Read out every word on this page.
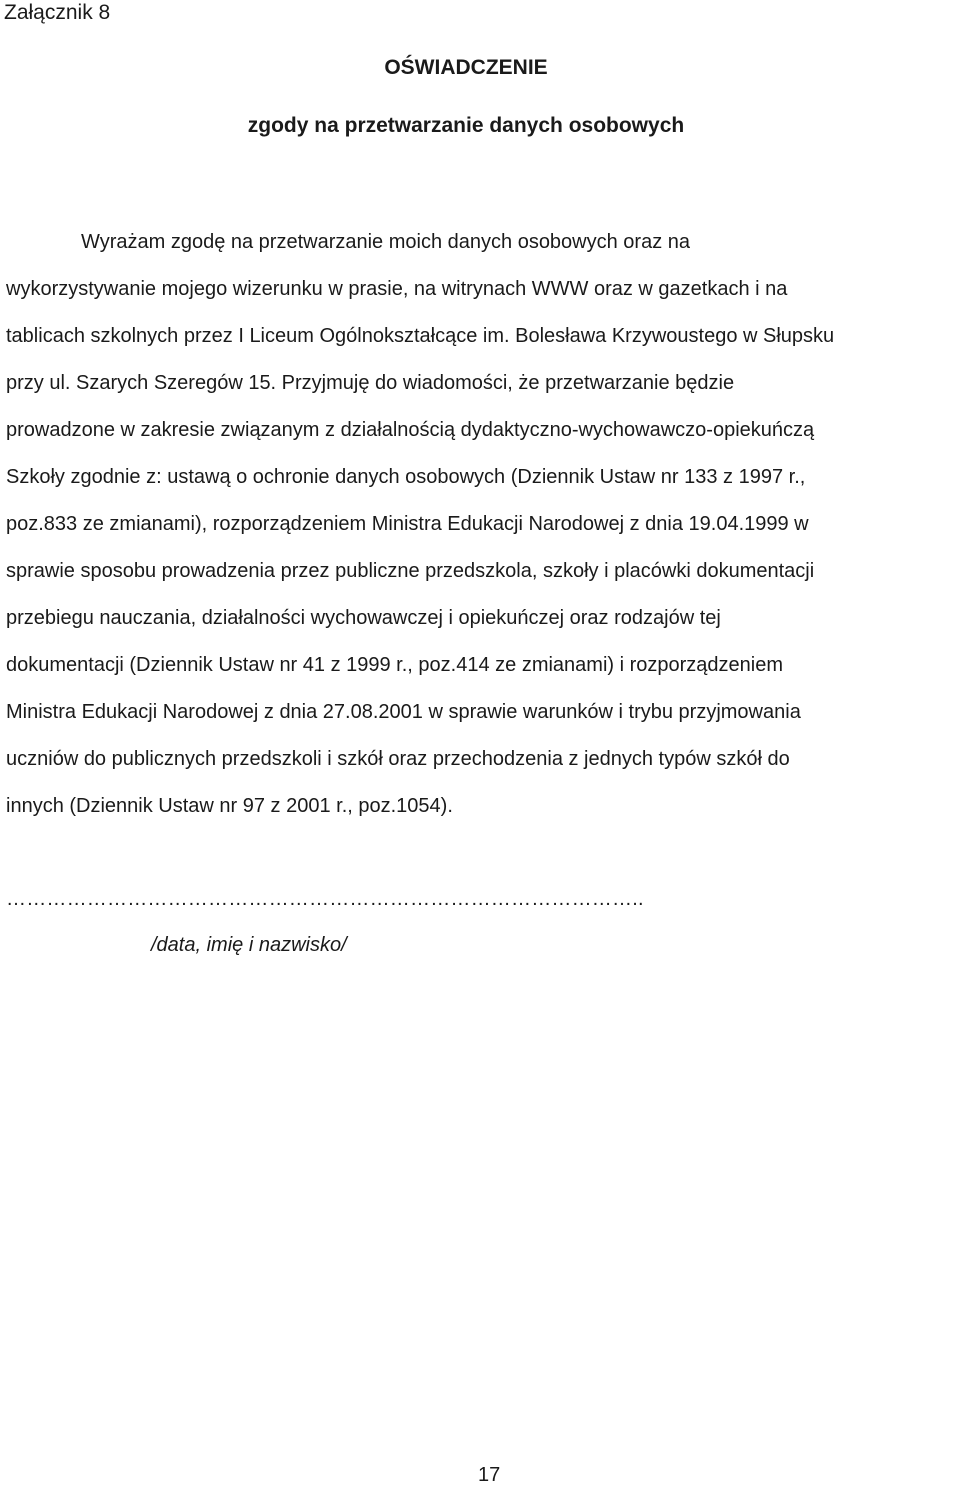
Załącznik 8
OŚWIADCZENIE
zgody na przetwarzanie danych osobowych
Wyrażam zgodę na przetwarzanie moich danych osobowych oraz na
wykorzystywanie mojego wizerunku w prasie, na witrynach WWW oraz w gazetkach i na
tablicach szkolnych przez I Liceum Ogólnokształcące im. Bolesława Krzywoustego w Słupsku
przy ul. Szarych Szeregów 15. Przyjmuję do wiadomości, że przetwarzanie będzie
prowadzone w zakresie związanym z działalnością dydaktyczno-wychowawczo-opiekuńczą
Szkoły zgodnie z: ustawą o ochronie danych osobowych (Dziennik Ustaw nr 133 z 1997 r.,
poz.833 ze zmianami), rozporządzeniem Ministra Edukacji Narodowej z dnia 19.04.1999 w
sprawie sposobu prowadzenia przez publiczne przedszkola, szkoły i placówki dokumentacji
przebiegu nauczania, działalności wychowawczej i opiekuńczej oraz rodzajów tej
dokumentacji (Dziennik Ustaw nr 41 z 1999 r., poz.414 ze zmianami) i rozporządzeniem
Ministra Edukacji Narodowej z dnia 27.08.2001 w sprawie warunków i trybu przyjmowania
uczniów do publicznych przedszkoli i szkół oraz przechodzenia z jednych typów szkół do
innych (Dziennik Ustaw nr 97 z 2001 r., poz.1054).
…………………………………………………………………………………..
/data, imię i nazwisko/
17
